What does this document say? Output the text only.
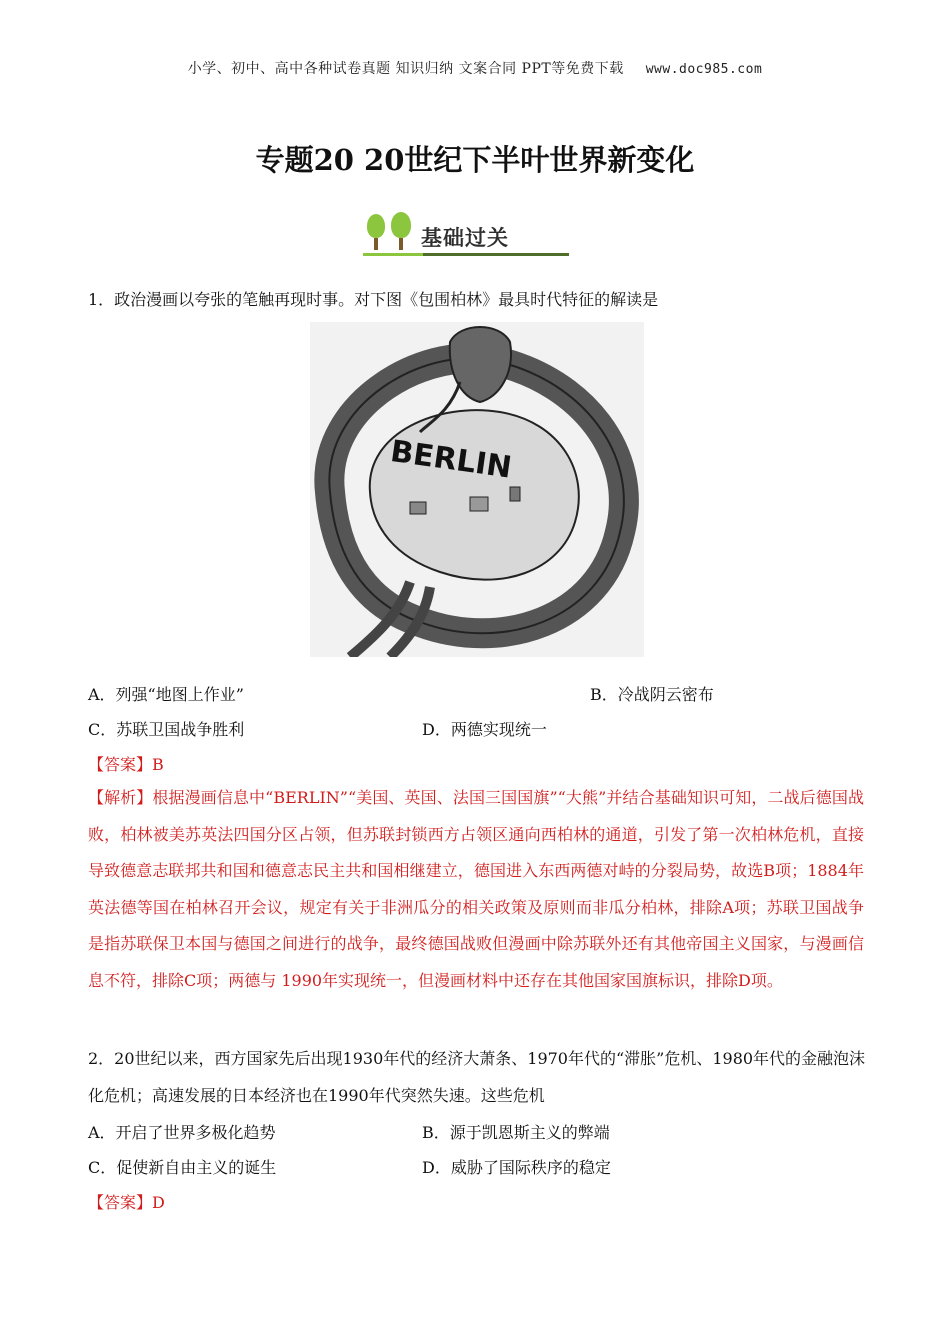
小学、初中、高中各种试卷真题 知识归纳 文案合同 PPT等免费下载 www.doc985.com
专题20 20世纪下半叶世界新变化
基础过关
1．政治漫画以夸张的笔触再现时事。对下图《包围柏林》最具时代特征的解读是
BERLIN
A．列强“地图上作业”	B．冷战阴云密布
C．苏联卫国战争胜利	D．两德实现统一
【答案】B
【解析】根据漫画信息中“BERLIN”“美国、英国、法国三国国旗”“大熊”并结合基础知识可知，二战后德国战败，柏林被美苏英法四国分区占领，但苏联封锁西方占领区通向西柏林的通道，引发了第一次柏林危机，直接导致德意志联邦共和国和德意志民主共和国相继建立，德国进入东西两德对峙的分裂局势，故选B项；1884年英法德等国在柏林召开会议，规定有关于非洲瓜分的相关政策及原则而非瓜分柏林，排除A项；苏联卫国战争是指苏联保卫本国与德国之间进行的战争，最终德国战败但漫画中除苏联外还有其他帝国主义国家，与漫画信息不符，排除C项；两德与 1990年实现统一，但漫画材料中还存在其他国家国旗标识，排除D项。
2．20世纪以来，西方国家先后出现1930年代的经济大萧条、1970年代的“滞胀”危机、1980年代的金融泡沫化危机；高速发展的日本经济也在1990年代突然失速。这些危机
A．开启了世界多极化趋势	B．源于凯恩斯主义的弊端
C．促使新自由主义的诞生	D．威胁了国际秩序的稳定
【答案】D
